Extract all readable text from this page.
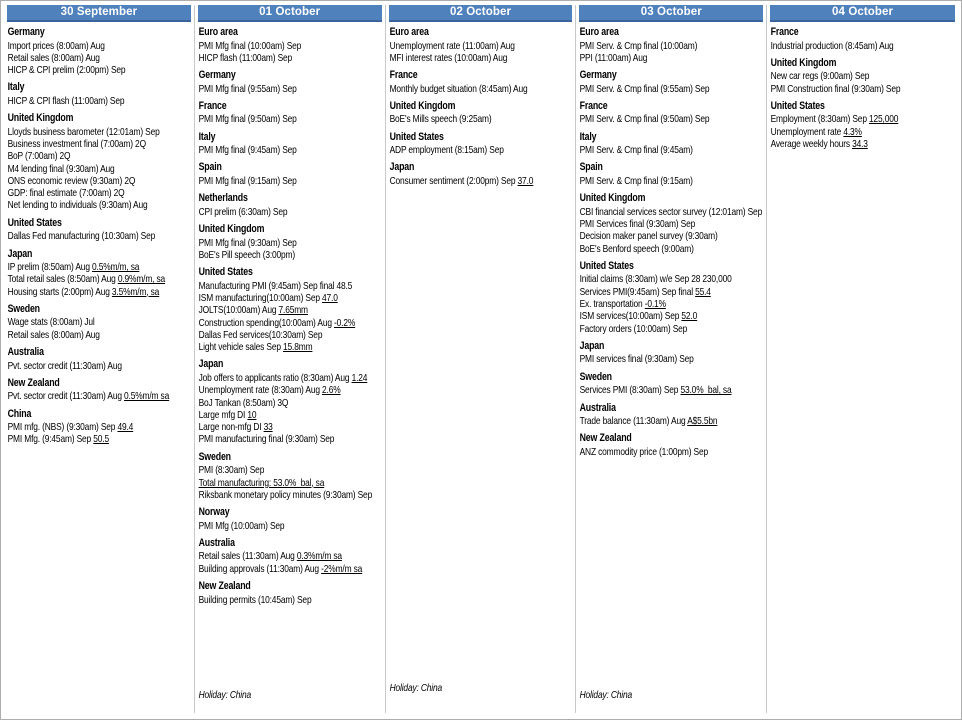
30 September
Germany
Import prices (8:00am) Aug
Retail sales (8:00am) Aug
HICP & CPI prelim (2:00pm) Sep
Italy
HICP & CPI flash (11:00am) Sep
United Kingdom
Lloyds business barometer (12:01am) Sep
Business investment final (7:00am) 2Q
BoP (7:00am) 2Q
M4 lending final (9:30am) Aug
ONS economic review (9:30am) 2Q
GDP: final estimate (7:00am) 2Q
Net lending to individuals (9:30am) Aug
United States
Dallas Fed manufacturing (10:30am) Sep
Japan
IP prelim (8:50am) Aug 0.5%m/m, sa
Total retail sales (8:50am) Aug 0.9%m/m, sa
Housing starts (2:00pm) Aug 3.5%m/m, sa
Sweden
Wage stats (8:00am) Jul
Retail sales (8:00am) Aug
Australia
Pvt. sector credit (11:30am) Aug
New Zealand
Pvt. sector credit (11:30am) Aug 0.5%m/m sa
China
PMI mfg. (NBS) (9:30am) Sep 49.4
PMI Mfg. (9:45am) Sep 50.5
01 October
Euro area
PMI Mfg final (10:00am) Sep
HICP flash (11:00am) Sep
Germany
PMI Mfg final (9:55am) Sep
France
PMI Mfg final (9:50am) Sep
Italy
PMI Mfg final (9:45am) Sep
Spain
PMI Mfg final (9:15am) Sep
Netherlands
CPI prelim (6:30am) Sep
United Kingdom
PMI Mfg final (9:30am) Sep
BoE's Pill speech (3:00pm)
United States
Manufacturing PMI (9:45am) Sep final 48.5
ISM manufacturing(10:00am) Sep 47.0
JOLTS(10:00am) Aug 7.65mm
Construction spending(10:00am) Aug -0.2%
Dallas Fed services(10:30am) Sep
Light vehicle sales Sep 15.8mm
Japan
Job offers to applicants ratio (8:30am) Aug 1.24
Unemployment rate (8:30am) Aug 2.6%
BoJ Tankan (8:50am) 3Q
Large mfg DI 10
Large non-mfg DI 33
PMI manufacturing final (9:30am) Sep
Sweden
PMI (8:30am) Sep
Total manufacturing: 53.0%  bal, sa
Riksbank monetary policy minutes (9:30am) Sep
Norway
PMI Mfg (10:00am) Sep
Australia
Retail sales (11:30am) Aug 0.3%m/m sa
Building approvals (11:30am) Aug -2%m/m sa
New Zealand
Building permits (10:45am) Sep
Holiday: China
02 October
Euro area
Unemployment rate (11:00am) Aug
MFI interest rates (10:00am) Aug
France
Monthly budget situation (8:45am) Aug
United Kingdom
BoE's Mills speech (9:25am)
United States
ADP employment (8:15am) Sep
Japan
Consumer sentiment (2:00pm) Sep 37.0
Holiday: China
03 October
Euro area
PMI Serv. & Cmp final (10:00am)
PPI (11:00am) Aug
Germany
PMI Serv. & Cmp final (9:55am) Sep
France
PMI Serv. & Cmp final (9:50am) Sep
Italy
PMI Serv. & Cmp final (9:45am)
Spain
PMI Serv. & Cmp final (9:15am)
United Kingdom
CBI financial services sector survey (12:01am) Sep
PMI Services final (9:30am) Sep
Decision maker panel survey (9:30am)
BoE's Benford speech (9:00am)
United States
Initial claims (8:30am) w/e Sep 28 230,000
Services PMI(9:45am) Sep final 55.4
Ex. transportation -0.1%
ISM services(10:00am) Sep 52.0
Factory orders (10:00am) Sep
Japan
PMI services final (9:30am) Sep
Sweden
Services PMI (8:30am) Sep 53.0%  bal, sa
Australia
Trade balance (11:30am) Aug A$5.5bn
New Zealand
ANZ commodity price (1:00pm) Sep
Holiday: China
04 October
France
Industrial production (8:45am) Aug
United Kingdom
New car regs (9:00am) Sep
PMI Construction final (9:30am) Sep
United States
Employment (8:30am) Sep 125,000
Unemployment rate 4.3%
Average weekly hours 34.3
